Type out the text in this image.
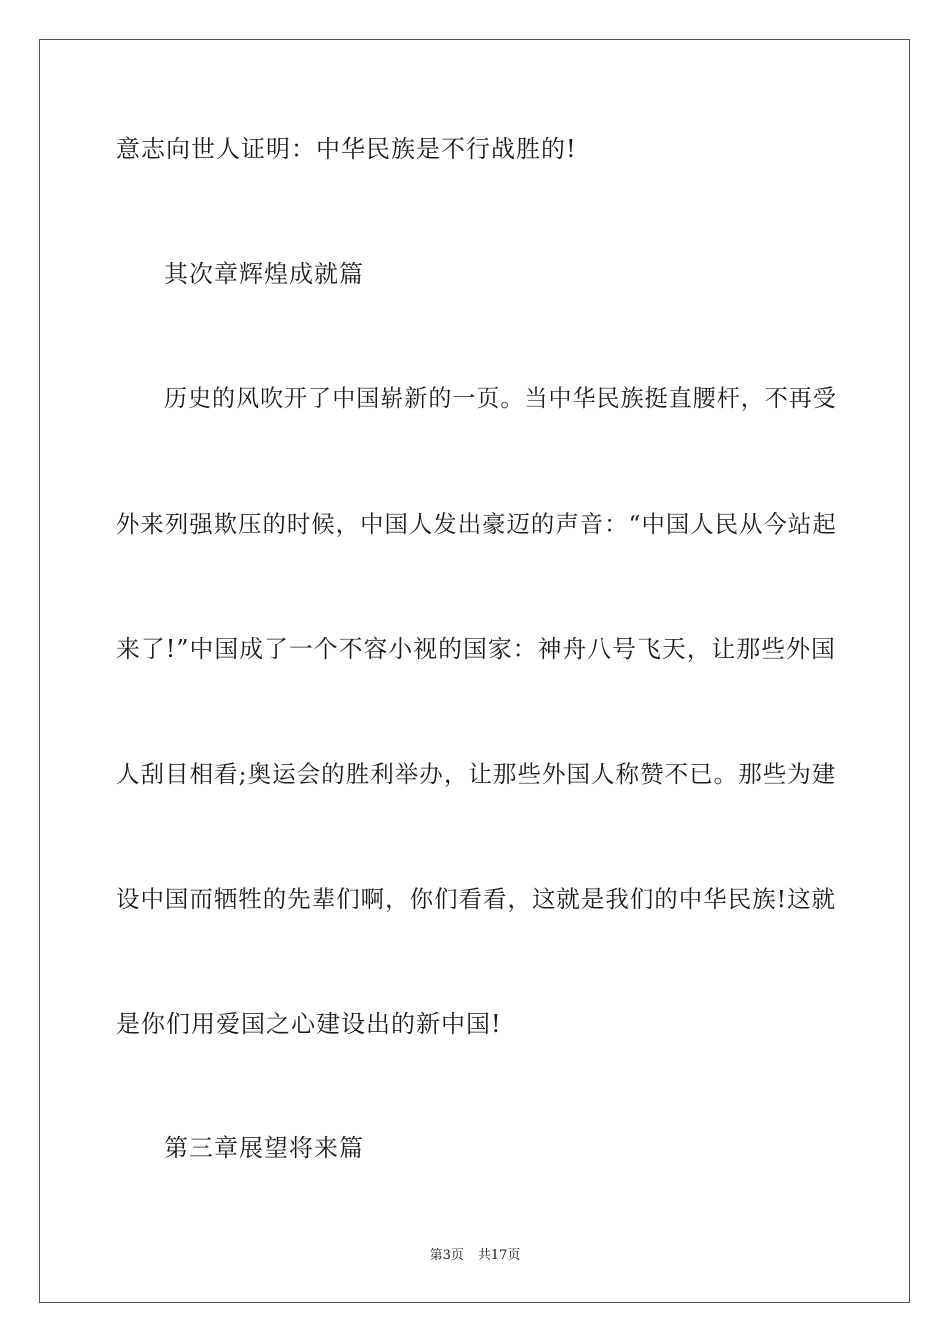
意志向世人证明：中华民族是不行战胜的!
其次章辉煌成就篇
历史的风吹开了中国崭新的一页。当中华民族挺直腰杆，不再受
外来列强欺压的时候，中国人发出豪迈的声音：“中国人民从今站起
来了!”中国成了一个不容小视的国家：神舟八号飞天，让那些外国
人刮目相看;奥运会的胜利举办，让那些外国人称赞不已。那些为建
设中国而牺牲的先辈们啊，你们看看，这就是我们的中华民族!这就
是你们用爱国之心建设出的新中国!
第三章展望将来篇
第3页 共17页
